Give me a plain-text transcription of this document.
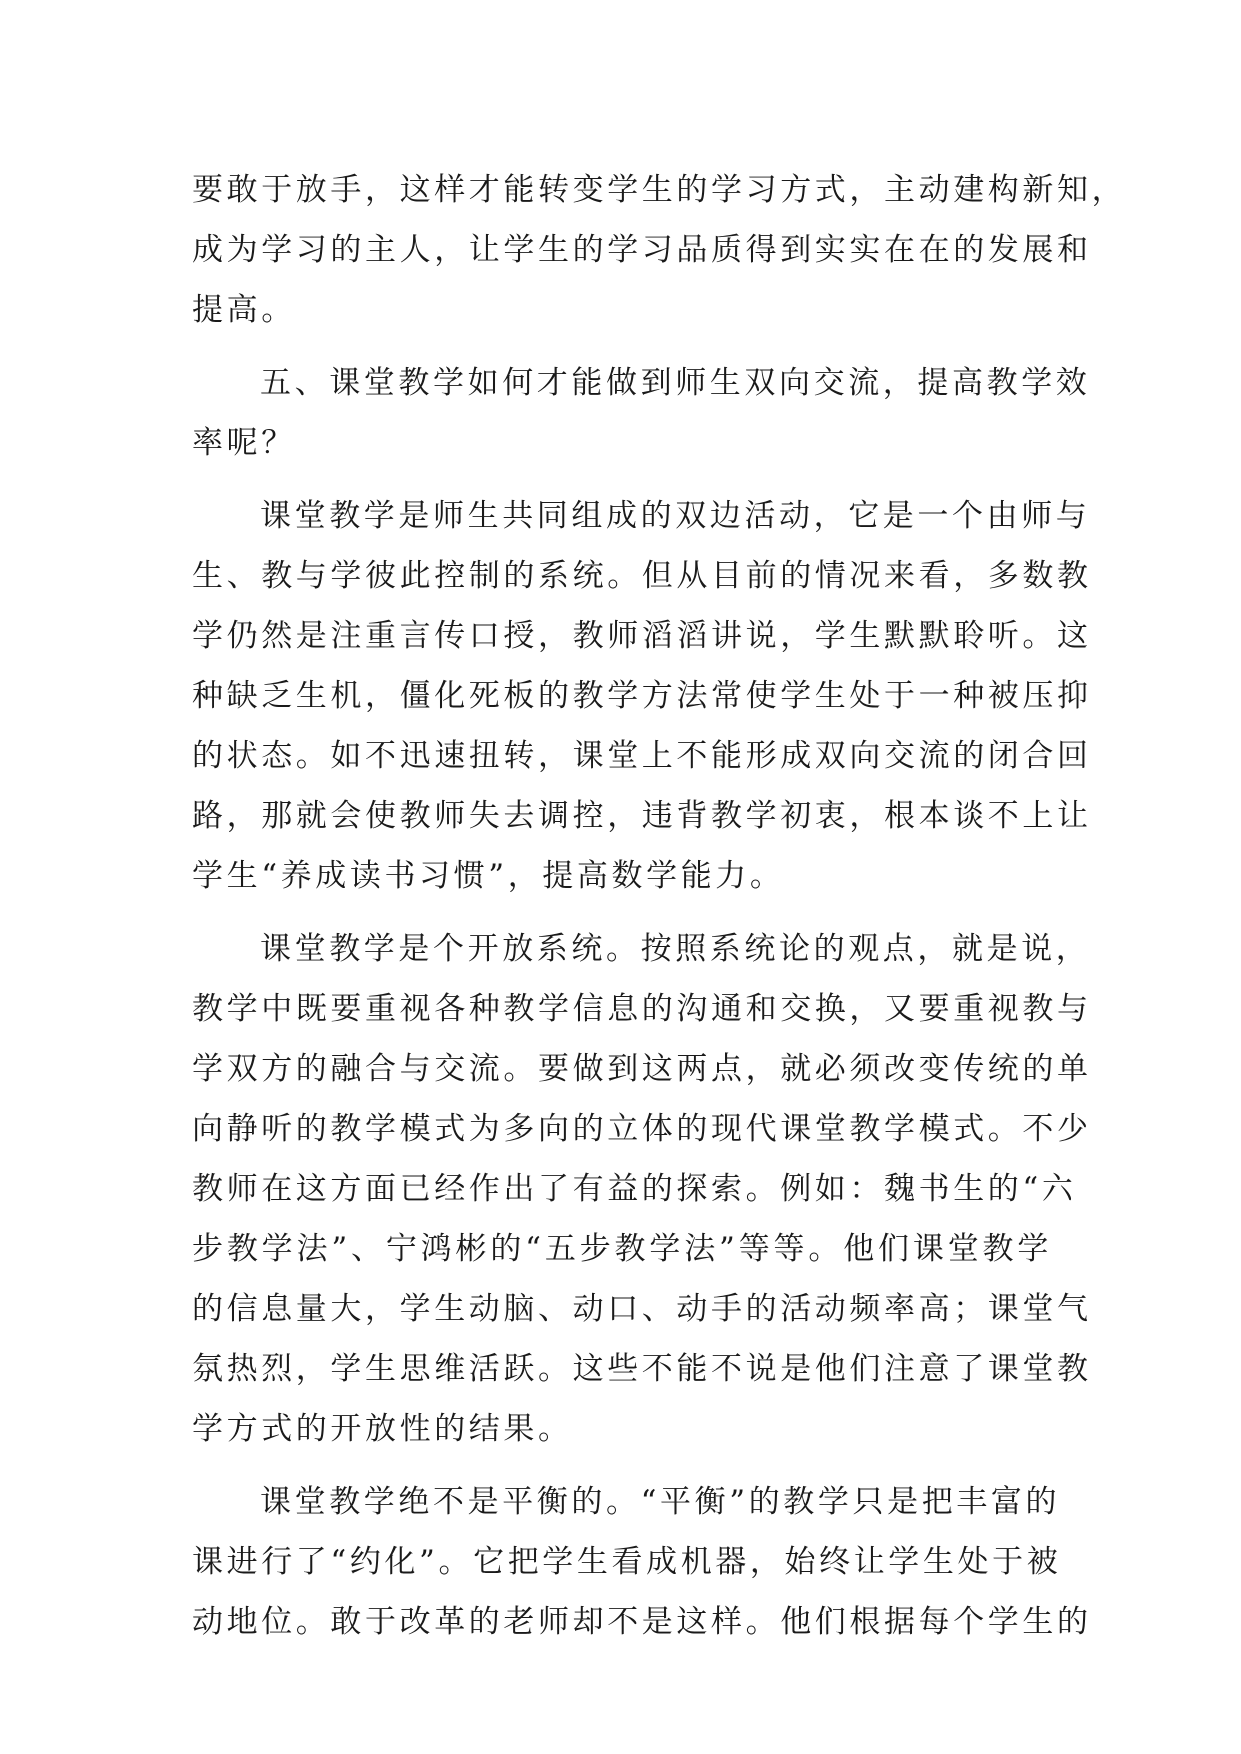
要敢于放手，这样才能转变学生的学习方式，主动建构新知，
成为学习的主人，让学生的学习品质得到实实在在的发展和
提高。
五、课堂教学如何才能做到师生双向交流，提高教学效
率呢？
课堂教学是师生共同组成的双边活动，它是一个由师与
生、教与学彼此控制的系统。但从目前的情况来看，多数教
学仍然是注重言传口授，教师滔滔讲说，学生默默聆听。这
种缺乏生机，僵化死板的教学方法常使学生处于一种被压抑
的状态。如不迅速扭转，课堂上不能形成双向交流的闭合回
路，那就会使教师失去调控，违背教学初衷，根本谈不上让
学生“养成读书习惯”，提高数学能力。
课堂教学是个开放系统。按照系统论的观点，就是说，
教学中既要重视各种教学信息的沟通和交换，又要重视教与
学双方的融合与交流。要做到这两点，就必须改变传统的单
向静听的教学模式为多向的立体的现代课堂教学模式。不少
教师在这方面已经作出了有益的探索。例如：魏书生的“六
步教学法”、宁鸿彬的“五步教学法”等等。他们课堂教学
的信息量大，学生动脑、动口、动手的活动频率高；课堂气
氛热烈，学生思维活跃。这些不能不说是他们注意了课堂教
学方式的开放性的结果。
课堂教学绝不是平衡的。“平衡”的教学只是把丰富的
课进行了“约化”。它把学生看成机器，始终让学生处于被
动地位。敢于改革的老师却不是这样。他们根据每个学生的
